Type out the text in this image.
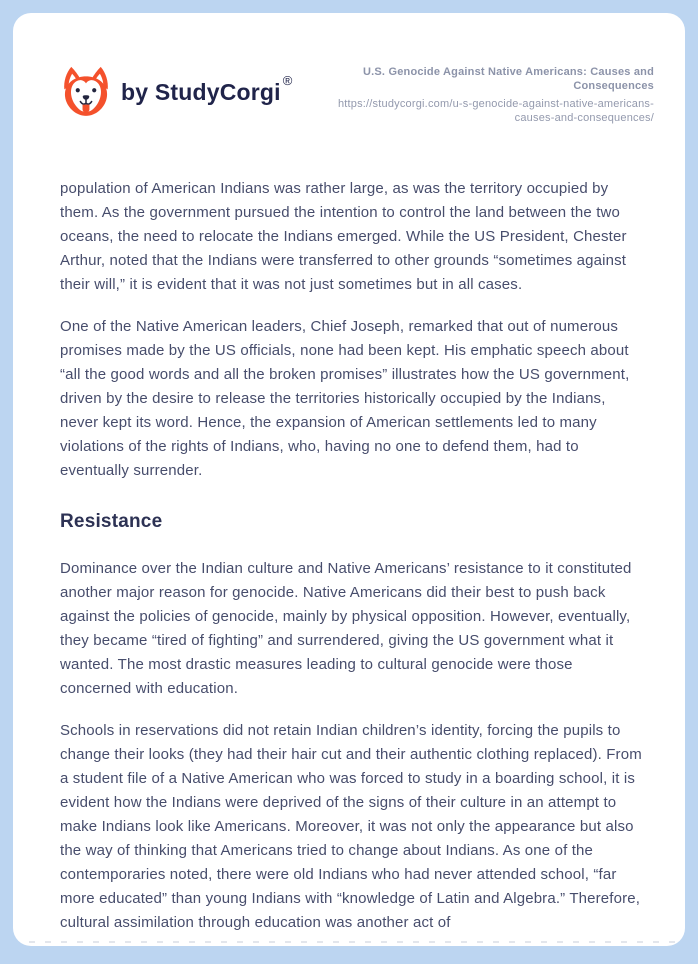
by StudyCorgi ®
U.S. Genocide Against Native Americans: Causes and Consequences
https://studycorgi.com/u-s-genocide-against-native-americans-causes-and-consequences/

population of American Indians was rather large, as was the territory occupied by them. As the government pursued the intention to control the land between the two oceans, the need to relocate the Indians emerged. While the US President, Chester Arthur, noted that the Indians were transferred to other grounds “sometimes against their will,” it is evident that it was not just sometimes but in all cases.

One of the Native American leaders, Chief Joseph, remarked that out of numerous promises made by the US officials, none had been kept. His emphatic speech about “all the good words and all the broken promises” illustrates how the US government, driven by the desire to release the territories historically occupied by the Indians, never kept its word. Hence, the expansion of American settlements led to many violations of the rights of Indians, who, having no one to defend them, had to eventually surrender.

Resistance

Dominance over the Indian culture and Native Americans’ resistance to it constituted another major reason for genocide. Native Americans did their best to push back against the policies of genocide, mainly by physical opposition. However, eventually, they became “tired of fighting” and surrendered, giving the US government what it wanted. The most drastic measures leading to cultural genocide were those concerned with education.

Schools in reservations did not retain Indian children’s identity, forcing the pupils to change their looks (they had their hair cut and their authentic clothing replaced). From a student file of a Native American who was forced to study in a boarding school, it is evident how the Indians were deprived of the signs of their culture in an attempt to make Indians look like Americans. Moreover, it was not only the appearance but also the way of thinking that Americans tried to change about Indians. As one of the contemporaries noted, there were old Indians who had never attended school, “far more educated” than young Indians with “knowledge of Latin and Algebra.” Therefore, cultural assimilation through education was another act of
